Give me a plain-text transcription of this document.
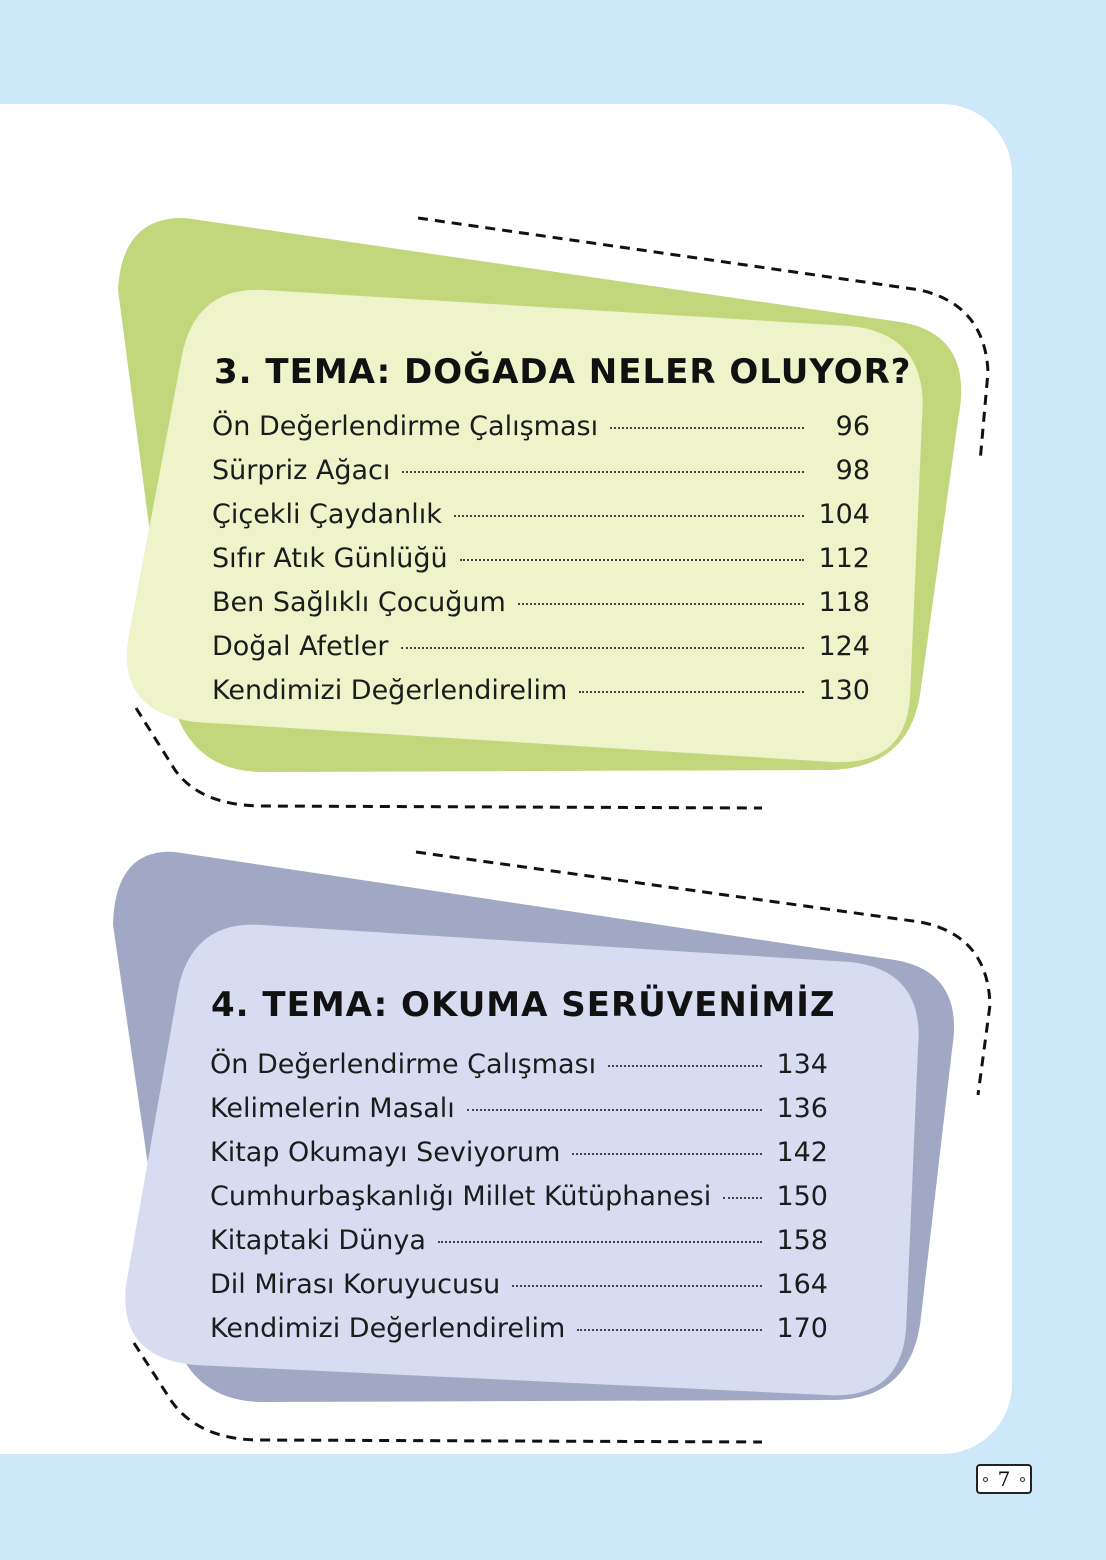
3. TEMA: DOĞADA NELER OLUYOR?
Ön Değerlendirme Çalışması	96
Sürpriz Ağacı	98
Çiçekli Çaydanlık	104
Sıfır Atık Günlüğü	112
Ben Sağlıklı Çocuğum	118
Doğal Afetler	124
Kendimizi Değerlendirelim	130
4. TEMA: OKUMA SERÜVENİMİZ
Ön Değerlendirme Çalışması	134
Kelimelerin Masalı	136
Kitap Okumayı Seviyorum	142
Cumhurbaşkanlığı Millet Kütüphanesi 150
Kitaptaki Dünya	158
Dil Mirası Koruyucusu	164
Kendimizi Değerlendirelim	170
7
